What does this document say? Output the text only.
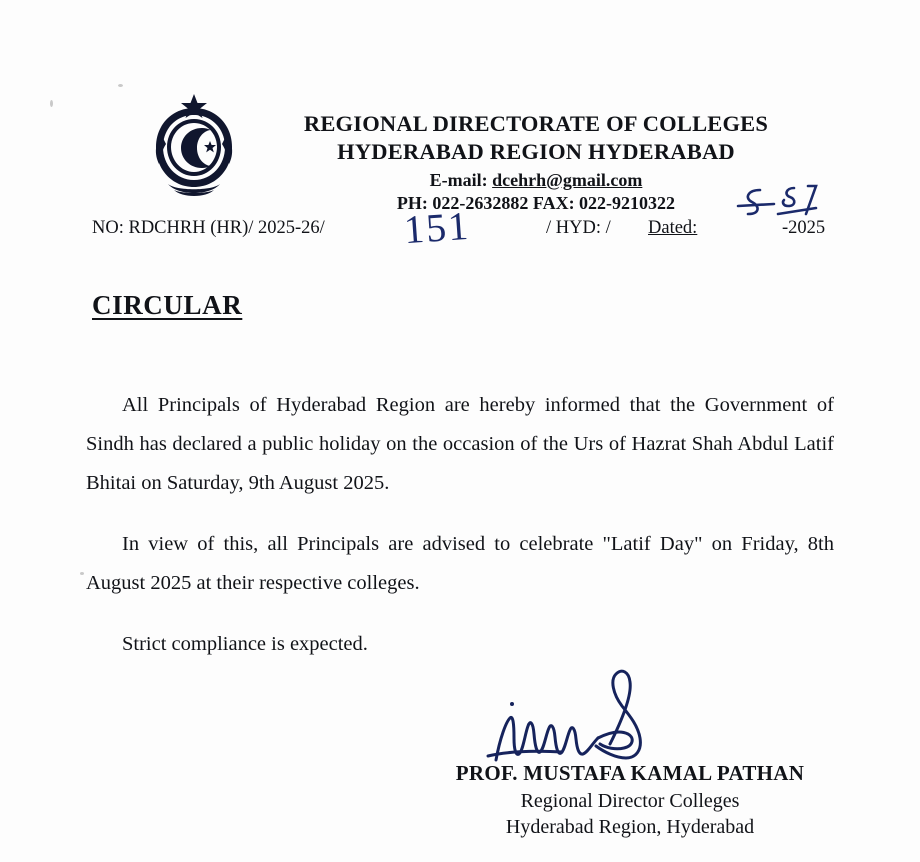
REGIONAL DIRECTORATE OF COLLEGES
HYDERABAD REGION HYDERABAD
E-mail: dcehrh@gmail.com
PH: 022-2632882 FAX: 022-9210322
NO: RDCHRH (HR)/ 2025-26/ 151	/ HYD: / Dated:	-2025
CIRCULAR

All Principals of Hyderabad Region are hereby informed that the Government of Sindh has declared a public holiday on the occasion of the Urs of Hazrat Shah Abdul Latif Bhitai on Saturday, 9th August 2025.

In view of this, all Principals are advised to celebrate "Latif Day" on Friday, 8th August 2025 at their respective colleges.

Strict compliance is expected.

PROF. MUSTAFA KAMAL PATHAN
Regional Director Colleges
Hyderabad Region, Hyderabad
